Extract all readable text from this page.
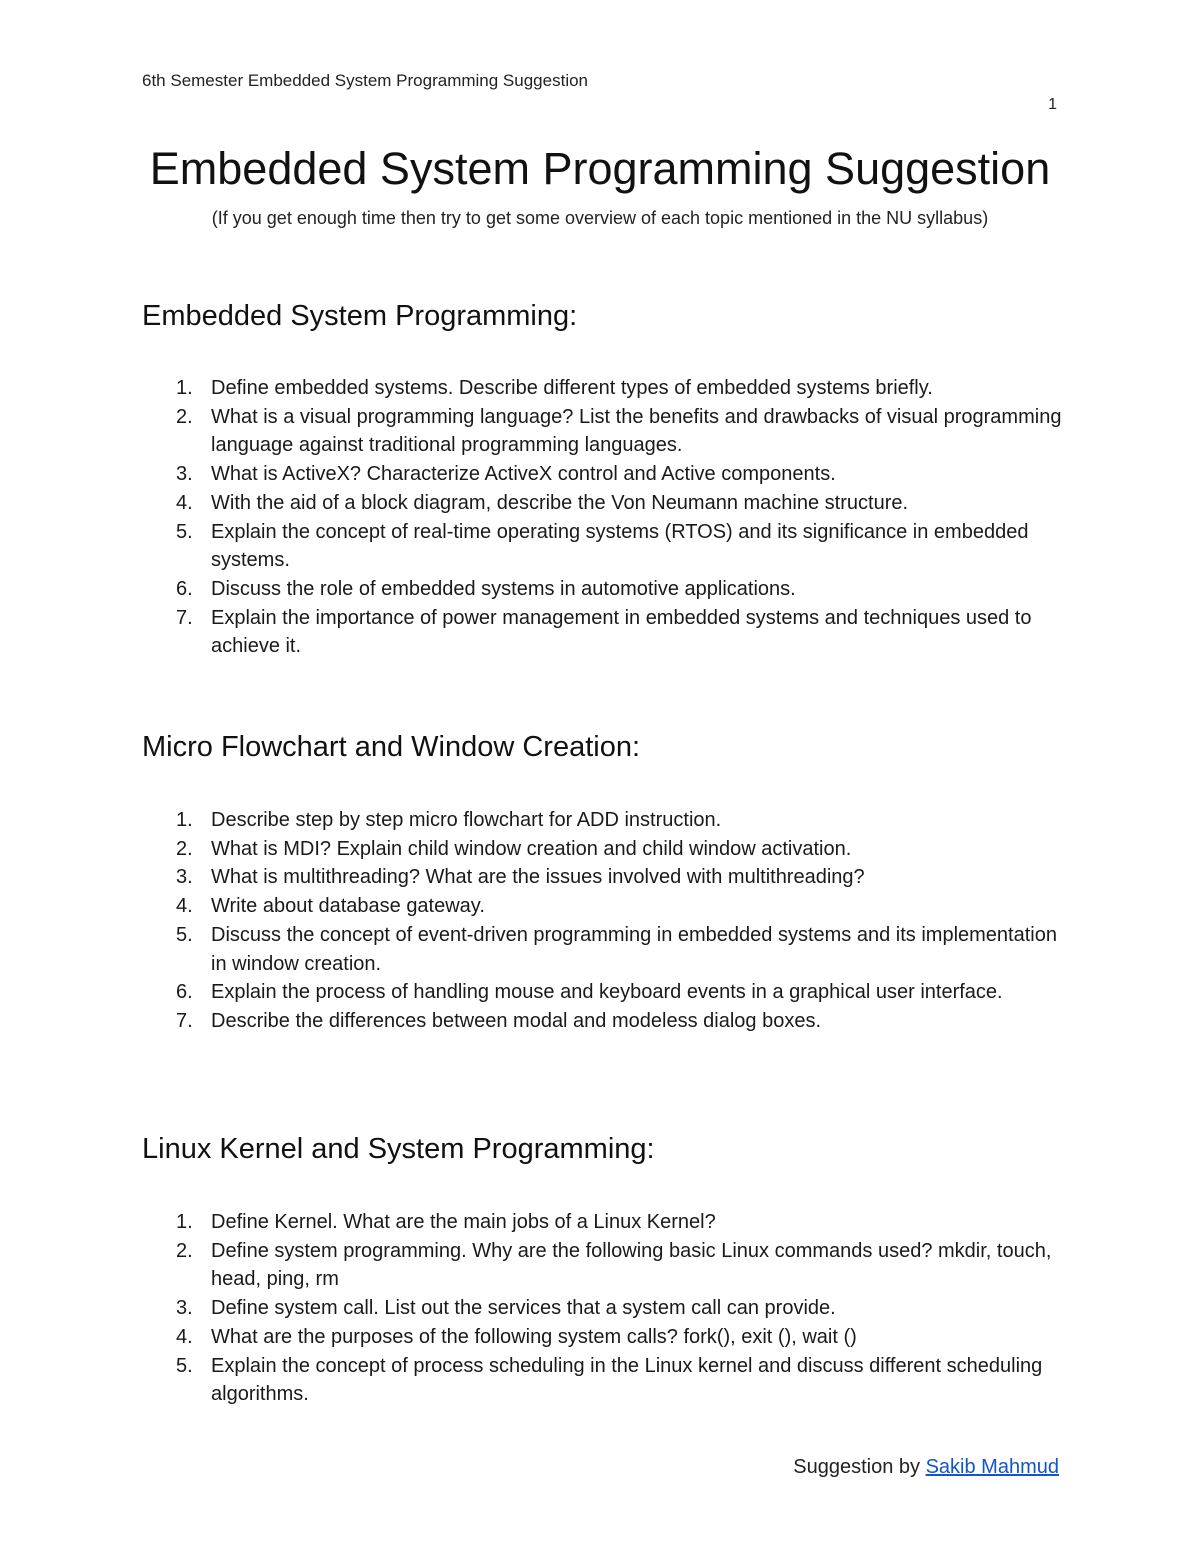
6th Semester Embedded System Programming Suggestion
1
Embedded System Programming Suggestion
(If you get enough time then try to get some overview of each topic mentioned in the NU syllabus)
Embedded System Programming:
1. Define embedded systems. Describe different types of embedded systems briefly.
2. What is a visual programming language? List the benefits and drawbacks of visual programming language against traditional programming languages.
3. What is ActiveX? Characterize ActiveX control and Active components.
4. With the aid of a block diagram, describe the Von Neumann machine structure.
5. Explain the concept of real-time operating systems (RTOS) and its significance in embedded systems.
6. Discuss the role of embedded systems in automotive applications.
7. Explain the importance of power management in embedded systems and techniques used to achieve it.
Micro Flowchart and Window Creation:
1. Describe step by step micro flowchart for ADD instruction.
2. What is MDI? Explain child window creation and child window activation.
3. What is multithreading? What are the issues involved with multithreading?
4. Write about database gateway.
5. Discuss the concept of event-driven programming in embedded systems and its implementation in window creation.
6. Explain the process of handling mouse and keyboard events in a graphical user interface.
7. Describe the differences between modal and modeless dialog boxes.
Linux Kernel and System Programming:
1. Define Kernel. What are the main jobs of a Linux Kernel?
2. Define system programming. Why are the following basic Linux commands used? mkdir, touch, head, ping, rm
3. Define system call. List out the services that a system call can provide.
4. What are the purposes of the following system calls? fork(), exit (), wait ()
5. Explain the concept of process scheduling in the Linux kernel and discuss different scheduling algorithms.
Suggestion by Sakib Mahmud
